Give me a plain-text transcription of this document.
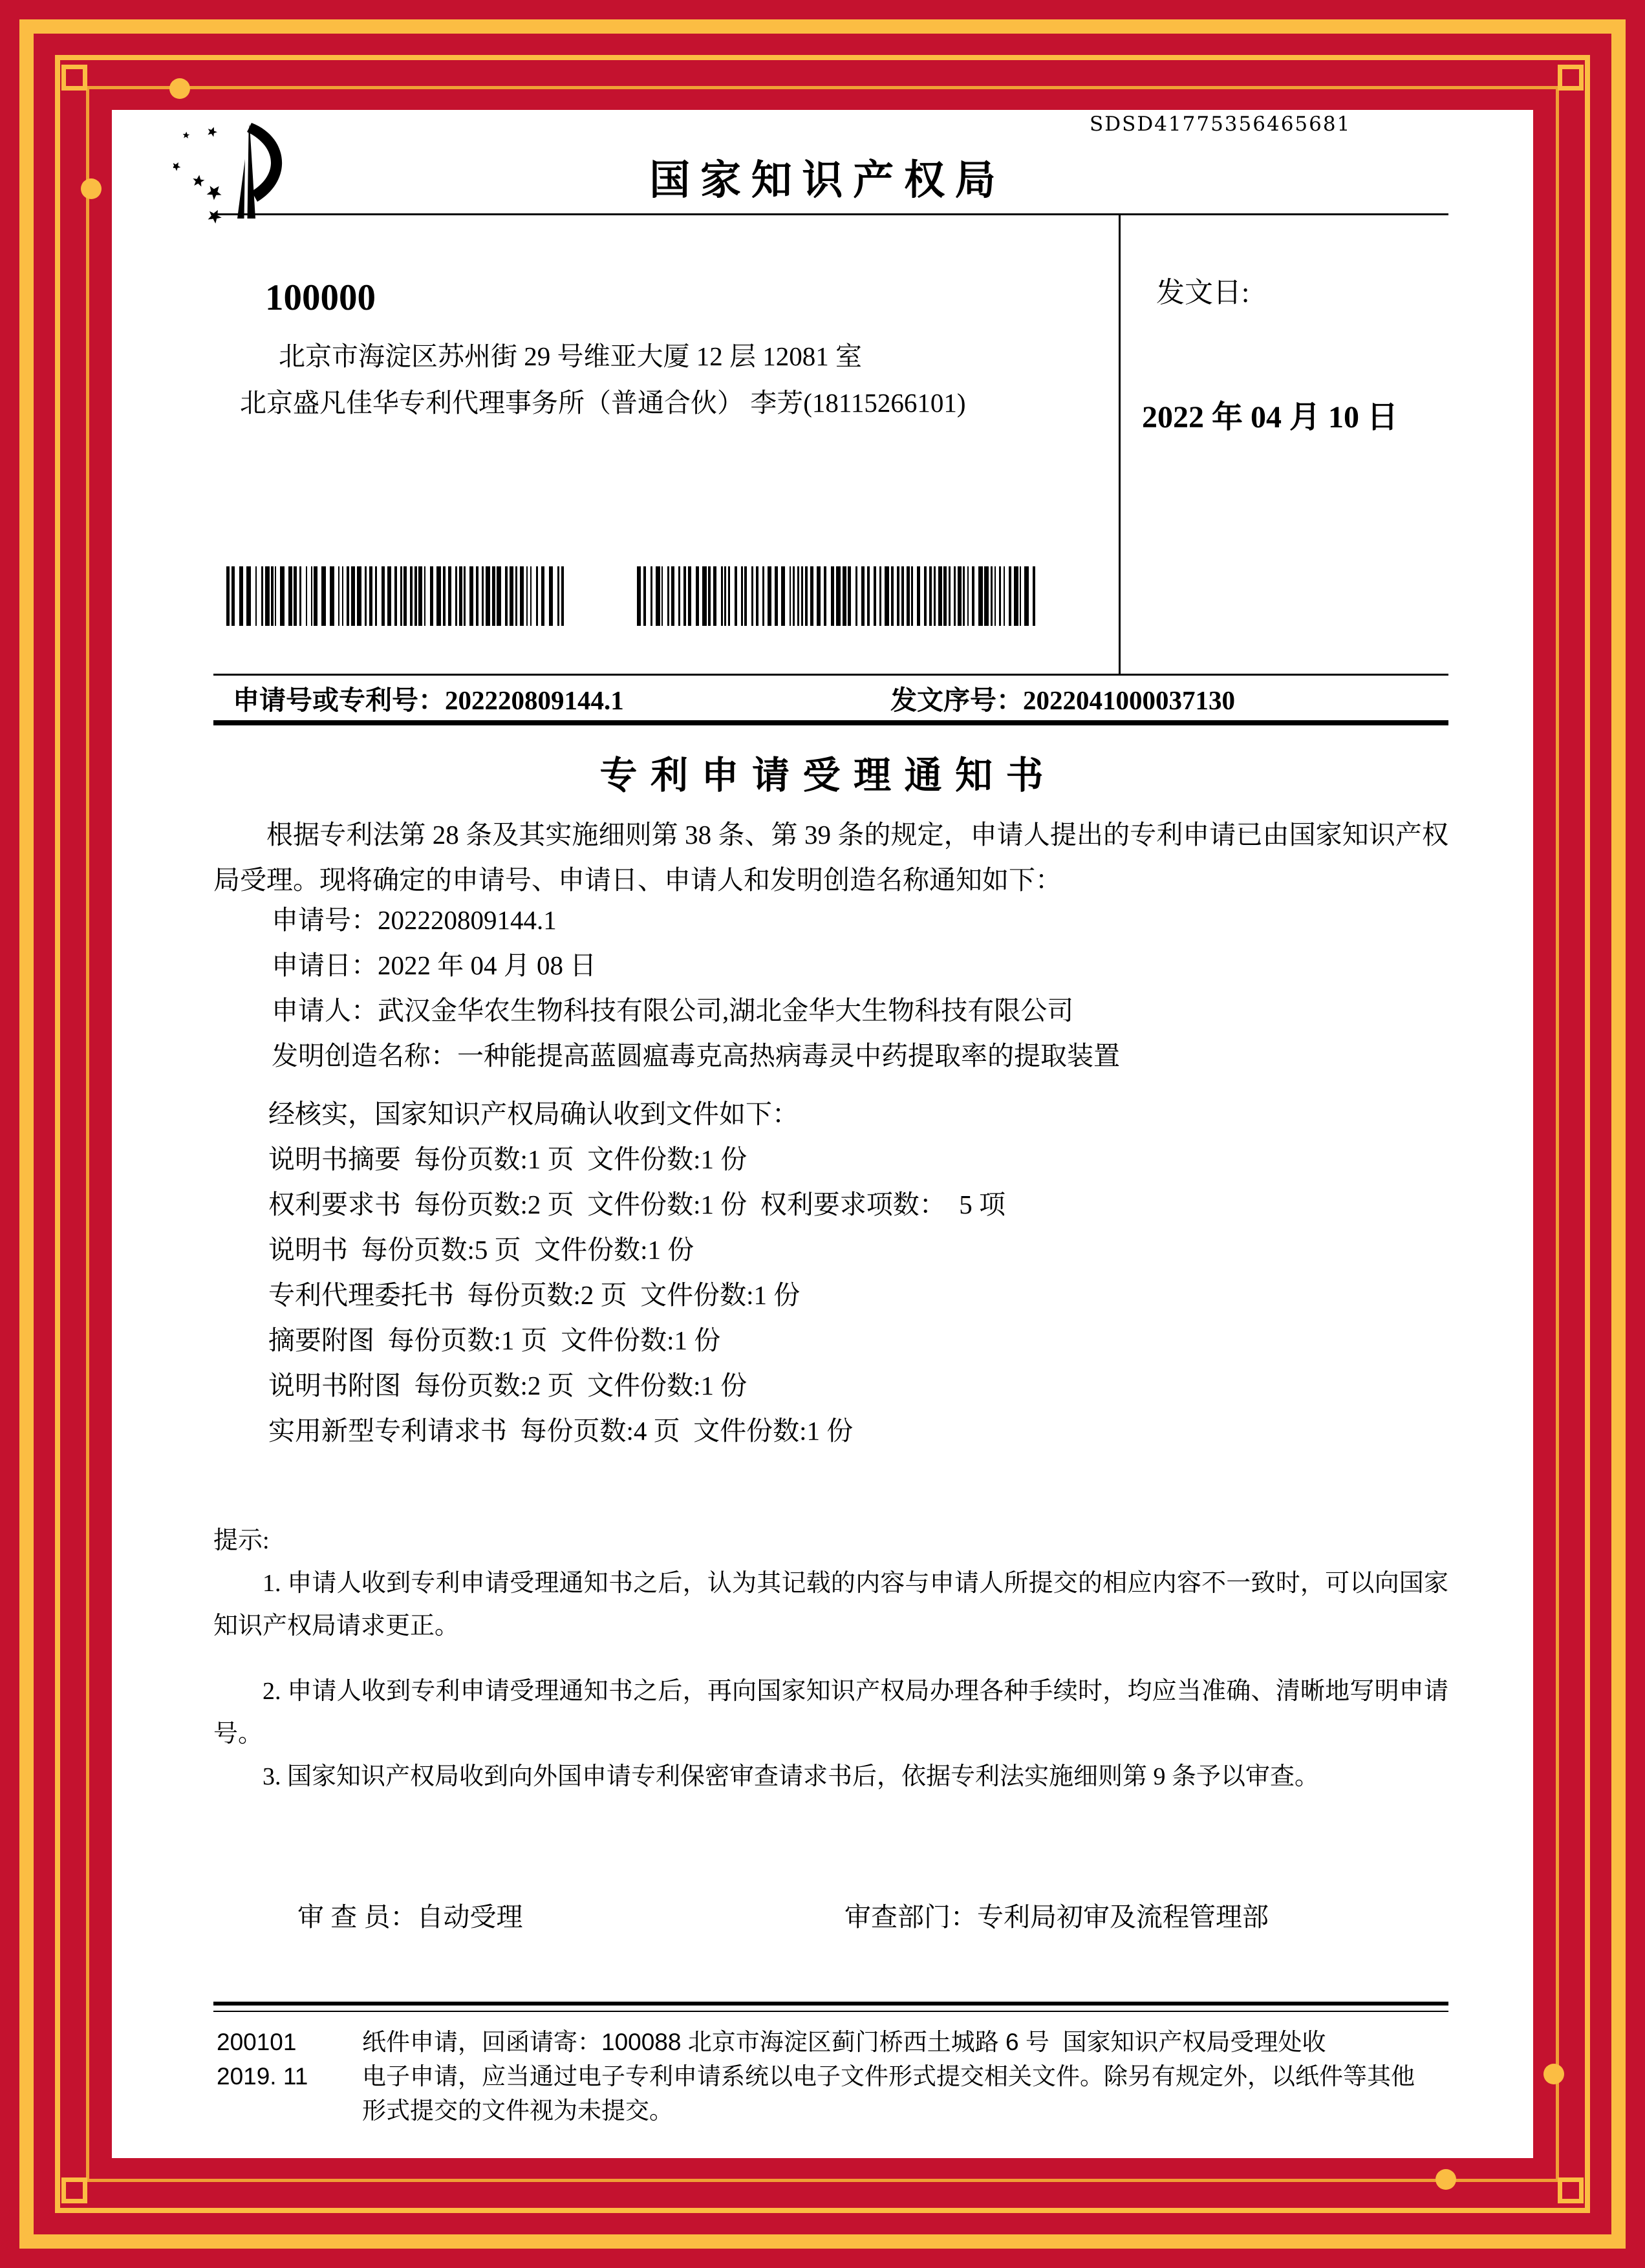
SDSD41775356465681
国 家 知 识 产 权 局
100000
北京市海淀区苏州街 29 号维亚大厦 12 层 12081 室
北京盛凡佳华专利代理事务所（普通合伙） 李芳(18115266101)
发文日:
2022 年 04 月 10 日
申请号或专利号：202220809144.1	发文序号：2022041000037130
专 利 申 请 受 理 通 知 书
根据专利法第 28 条及其实施细则第 38 条、第 39 条的规定，申请人提出的专利申请已由国家知识产权局受理。现将确定的申请号、申请日、申请人和发明创造名称通知如下：
申请号：202220809144.1
申请日：2022 年 04 月 08 日
申请人：武汉金华农生物科技有限公司,湖北金华大生物科技有限公司
发明创造名称：一种能提高蓝圆瘟毒克高热病毒灵中药提取率的提取装置
经核实，国家知识产权局确认收到文件如下：
说明书摘要  每份页数:1 页  文件份数:1 份
权利要求书  每份页数:2 页  文件份数:1 份  权利要求项数：  5 项
说明书  每份页数:5 页  文件份数:1 份
专利代理委托书  每份页数:2 页  文件份数:1 份
摘要附图  每份页数:1 页  文件份数:1 份
说明书附图  每份页数:2 页  文件份数:1 份
实用新型专利请求书  每份页数:4 页  文件份数:1 份
提示:

1. 申请人收到专利申请受理通知书之后，认为其记载的内容与申请人所提交的相应内容不一致时，可以向国家知识产权局请求更正。

2. 申请人收到专利申请受理通知书之后，再向国家知识产权局办理各种手续时，均应当准确、清晰地写明申请号。

3. 国家知识产权局收到向外国申请专利保密审查请求书后，依据专利法实施细则第 9 条予以审查。

审 查 员：自动受理	审查部门：专利局初审及流程管理部
200101
2019. 11
纸件申请，回函请寄：100088 北京市海淀区蓟门桥西土城路 6 号  国家知识产权局受理处收
电子申请，应当通过电子专利申请系统以电子文件形式提交相关文件。除另有规定外，以纸件等其他形式提交的文件视为未提交。
